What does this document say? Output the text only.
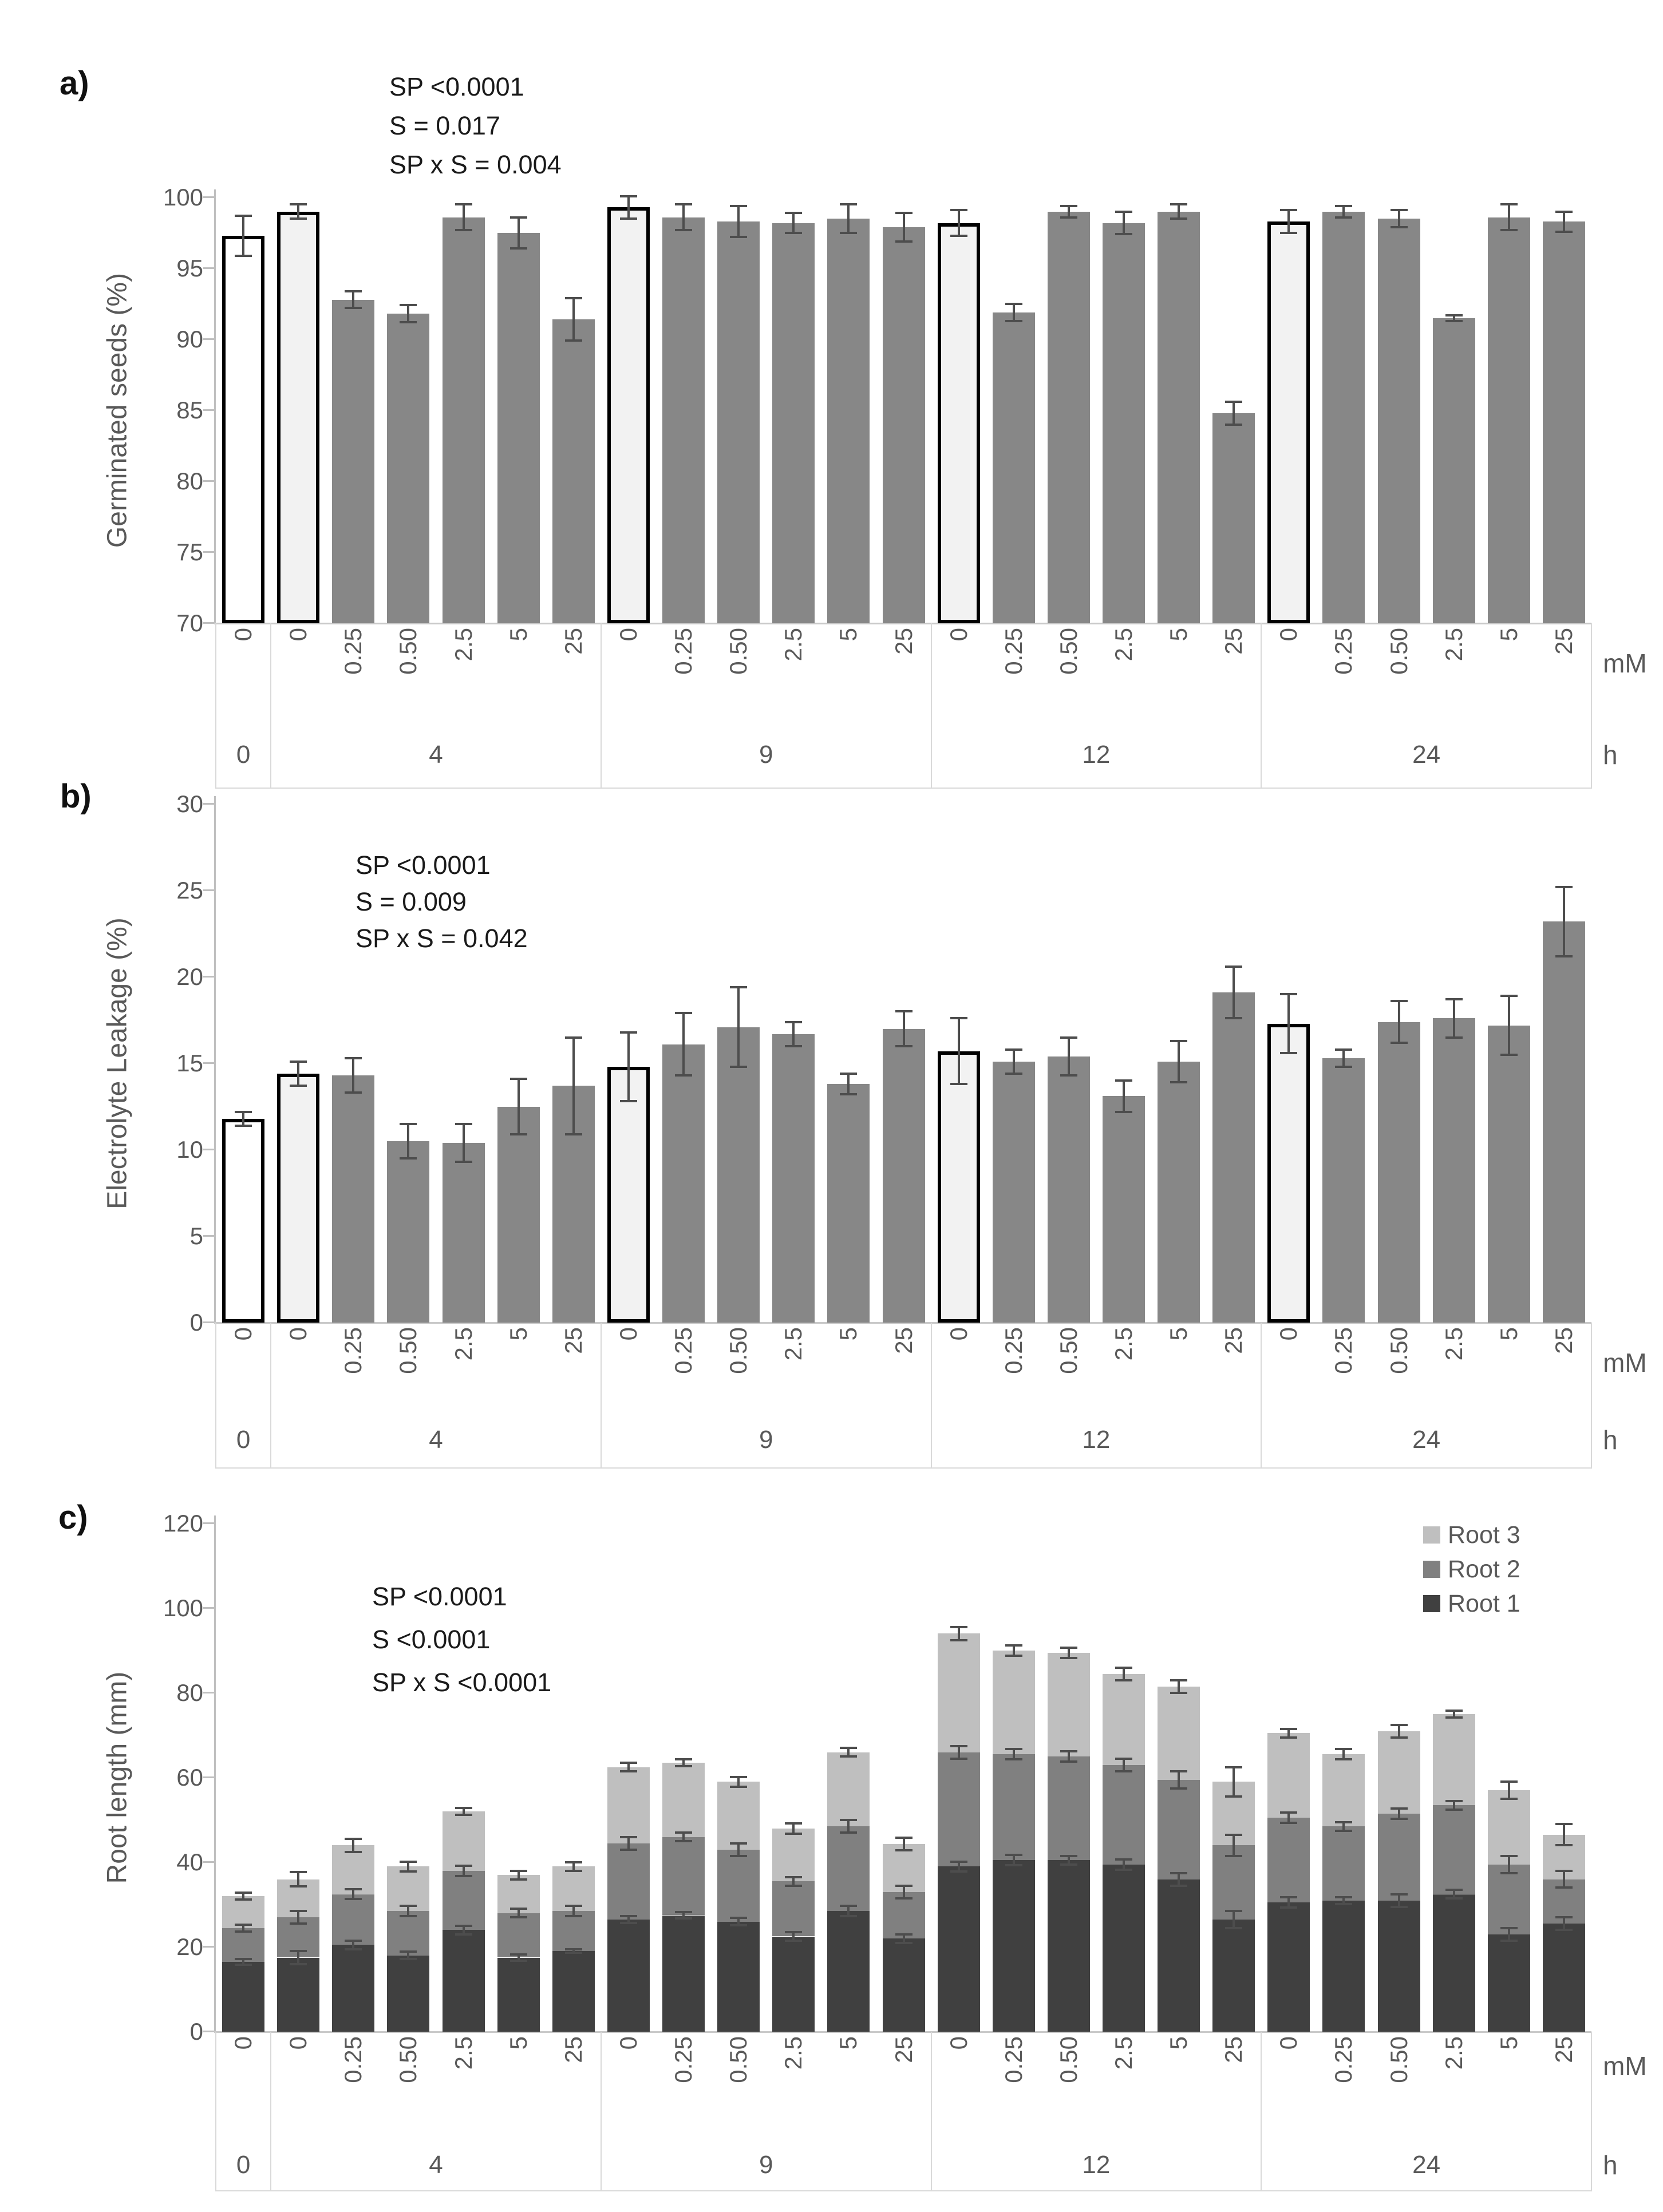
70
75
80
85
90
95
100
0
0
0 0.25 0.50 2.5 5 25
4
0 0.25 0.50 2.5 5 25
9
0 0.25 0.50 2.5 5 25
12
0 0.25 0.50 2.5 5 25
24
0
5
10
15
20
25
30
0
0
0 0.25 0.50 2.5 5 25
4
0 0.25 0.50 2.5 5 25
9
0 0.25 0.50 2.5 5 25
12
0 0.25 0.50 2.5 5 25
24
0
20
40
60
80
100
120
0
0
0 0.25 0.50 2.5 5 25
4
0 0.25 0.50 2.5 5 25
9
0 0.25 0.50 2.5 5 25
12
0 0.25 0.50 2.5 5 25
24
a)	SP <0.0001
S = 0.017
SP x S = 0.004
Germinated seeds (%)
mM
h
b)
SP <0.0001
S = 0.009
SP x S = 0.042
Electrolyte Leakage (%)
mM
h
c)
SP <0.0001
S <0.0001
SP x S <0.0001
Root length (mm)
mM
h
Root 3
Root 2
Root 1
